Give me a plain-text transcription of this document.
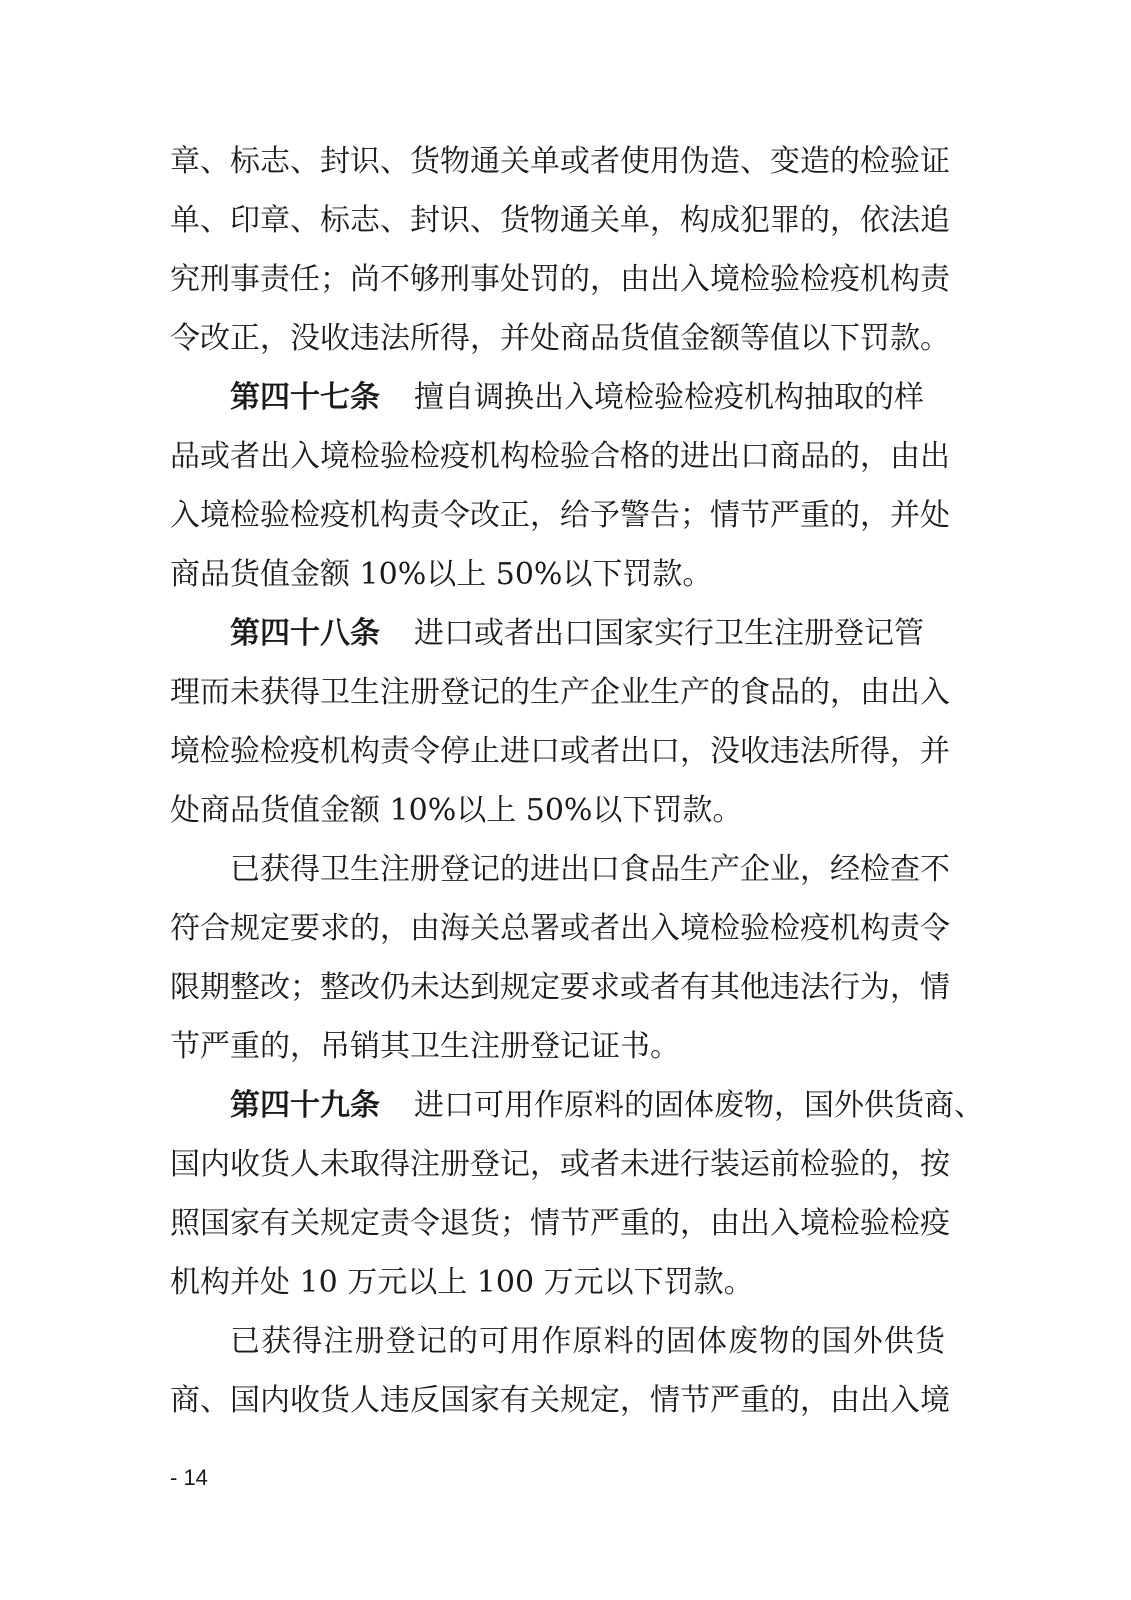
章、标志、封识、货物通关单或者使用伪造、变造的检验证
单、印章、标志、封识、货物通关单，构成犯罪的，依法追
究刑事责任；尚不够刑事处罚的，由出入境检验检疫机构责
令改正，没收违法所得，并处商品货值金额等值以下罚款。
第四十七条 擅自调换出入境检验检疫机构抽取的样
品或者出入境检验检疫机构检验合格的进出口商品的，由出
入境检验检疫机构责令改正，给予警告；情节严重的，并处
商品货值金额 10%以上 50%以下罚款。
第四十八条 进口或者出口国家实行卫生注册登记管
理而未获得卫生注册登记的生产企业生产的食品的，由出入
境检验检疫机构责令停止进口或者出口，没收违法所得，并
处商品货值金额 10%以上 50%以下罚款。
已获得卫生注册登记的进出口食品生产企业，经检查不
符合规定要求的，由海关总署或者出入境检验检疫机构责令
限期整改；整改仍未达到规定要求或者有其他违法行为，情
节严重的，吊销其卫生注册登记证书。
第四十九条 进口可用作原料的固体废物，国外供货商、
国内收货人未取得注册登记，或者未进行装运前检验的，按
照国家有关规定责令退货；情节严重的，由出入境检验检疫
机构并处 10 万元以上 100 万元以下罚款。
已获得注册登记的可用作原料的固体废物的国外供货
商、国内收货人违反国家有关规定，情节严重的，由出入境
- 14
